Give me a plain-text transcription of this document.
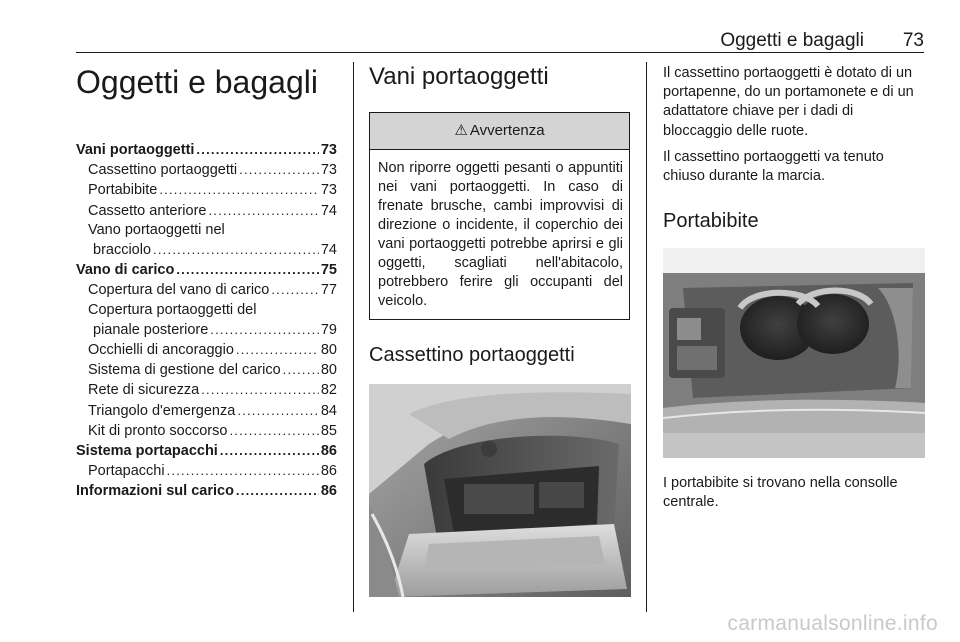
Oggetti e bagagli 73
Oggetti e bagagli
Vani portaoggetti . . .	73
Cassettino portaoggetti . . .	73
Portabibite . . .	73
Cassetto anteriore . . .	74
Vano portaoggetti nel
bracciolo . . .	74
Vano di carico . . .	75
Copertura del vano di carico . . .	77
Copertura portaoggetti del
pianale posteriore . . .	79
Occhielli di ancoraggio . . .	80
Sistema di gestione del carico . . .	80
Rete di sicurezza . . .	82
Triangolo d'emergenza . . .	84
Kit di pronto soccorso . . .	85
Sistema portapacchi . . .	86
Portapacchi . . .	86
Informazioni sul carico . . .	86
Vani portaoggetti
⚠ Avvertenza
Non riporre oggetti pesanti o appuntiti nei vani portaoggetti. In caso di frenate brusche, cambi improvvisi di direzione o incidente, il coperchio dei vani portaoggetti potrebbe aprirsi e gli oggetti, scagliati nell'abitacolo, potrebbero ferire gli occupanti del veicolo.
Cassettino portaoggetti

Il cassettino portaoggetti è dotato di un portapenne, do un portamonete e di un adattatore chiave per i dadi di bloccaggio delle ruote.

Il cassettino portaoggetti va tenuto chiuso durante la marcia.

Portabibite
I portabibite si trovano nella consolle centrale.
carmanualsonline.info
